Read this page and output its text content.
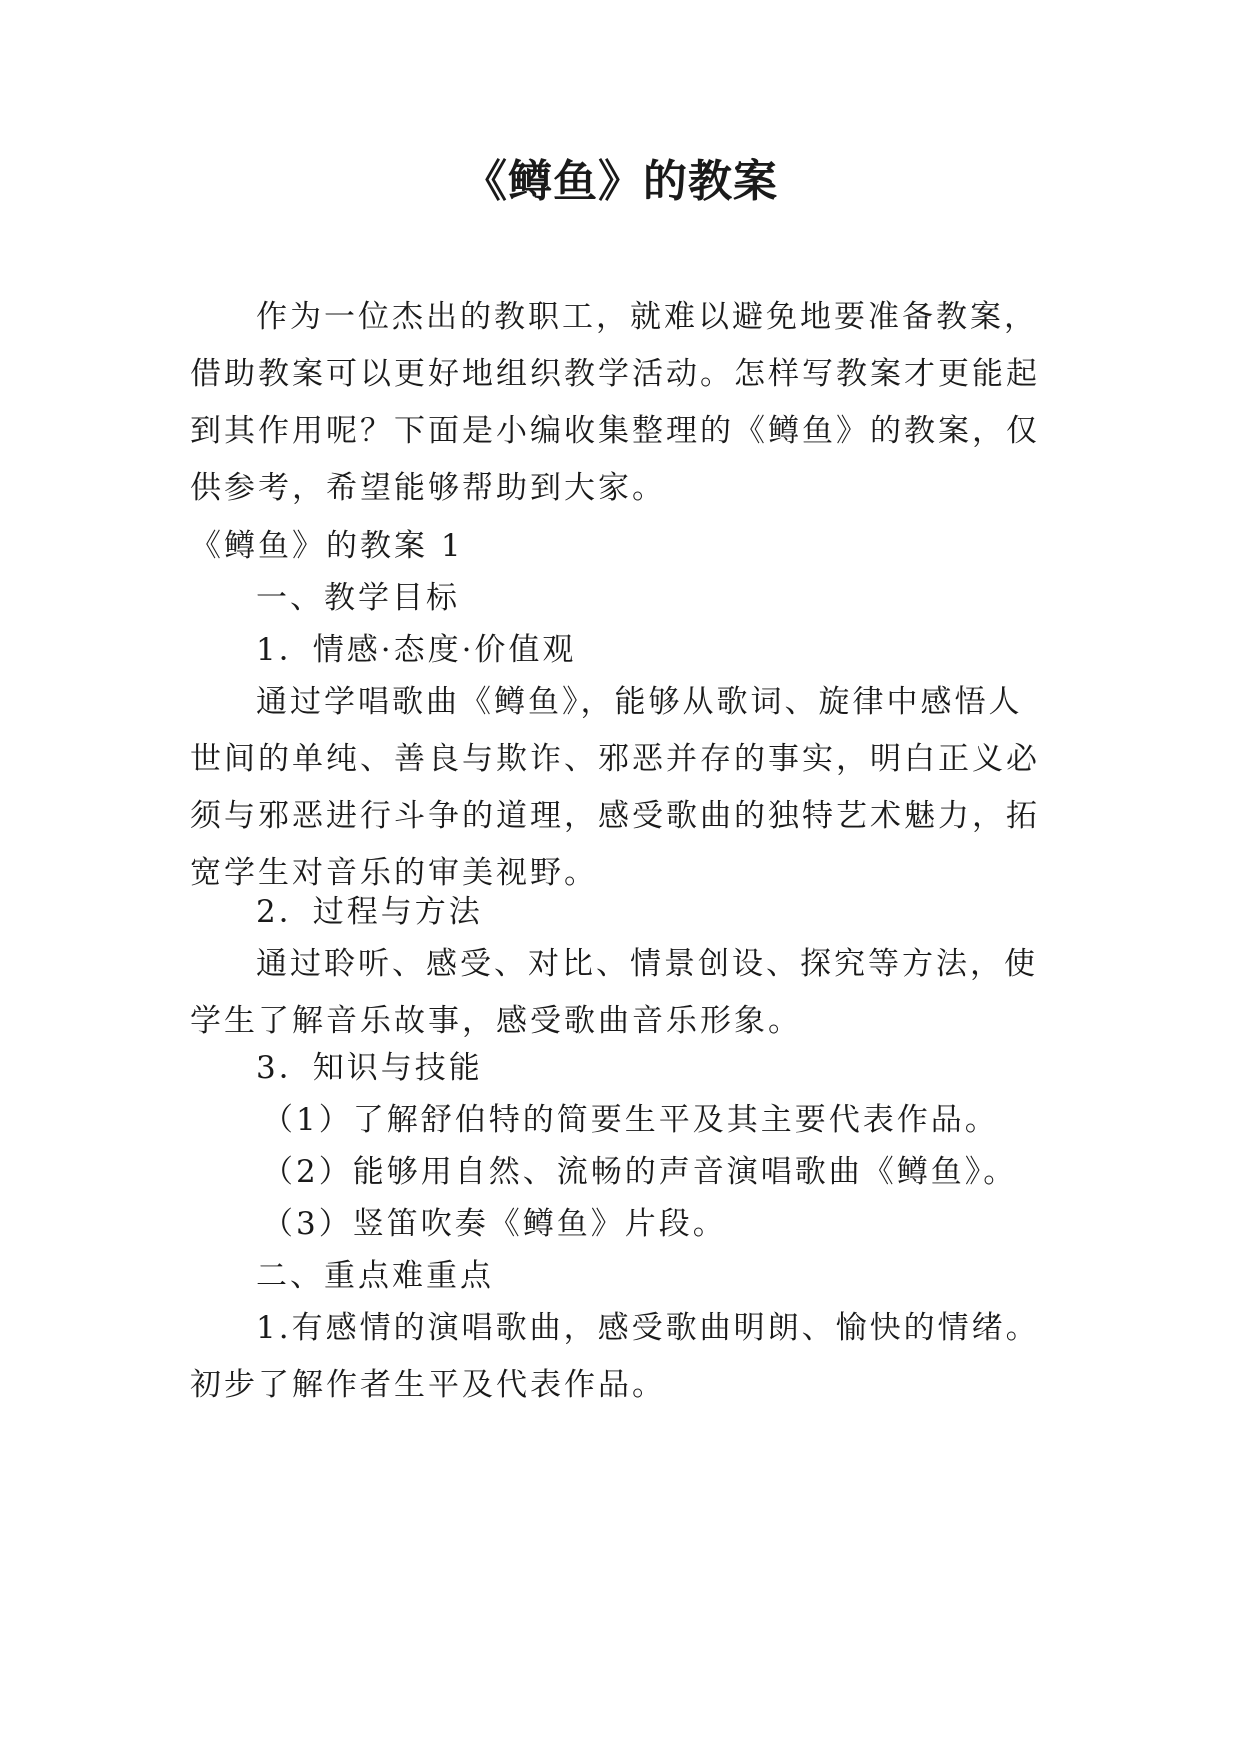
《鳟鱼》的教案

作为一位杰出的教职工，就难以避免地要准备教案，借助教案可以更好地组织教学活动。怎样写教案才更能起到其作用呢？下面是小编收集整理的《鳟鱼》的教案，仅供参考，希望能够帮助到大家。

《鳟鱼》的教案 1

一、教学目标

1．情感·态度·价值观

通过学唱歌曲《鳟鱼》，能够从歌词、旋律中感悟人世间的单纯、善良与欺诈、邪恶并存的事实，明白正义必须与邪恶进行斗争的道理，感受歌曲的独特艺术魅力，拓宽学生对音乐的审美视野。

2．过程与方法

通过聆听、感受、对比、情景创设、探究等方法，使学生了解音乐故事，感受歌曲音乐形象。

3．知识与技能

（1）了解舒伯特的简要生平及其主要代表作品。

（2）能够用自然、流畅的声音演唱歌曲《鳟鱼》。

（3）竖笛吹奏《鳟鱼》片段。

二、重点难重点

1.有感情的演唱歌曲，感受歌曲明朗、愉快的情绪。初步了解作者生平及代表作品。
